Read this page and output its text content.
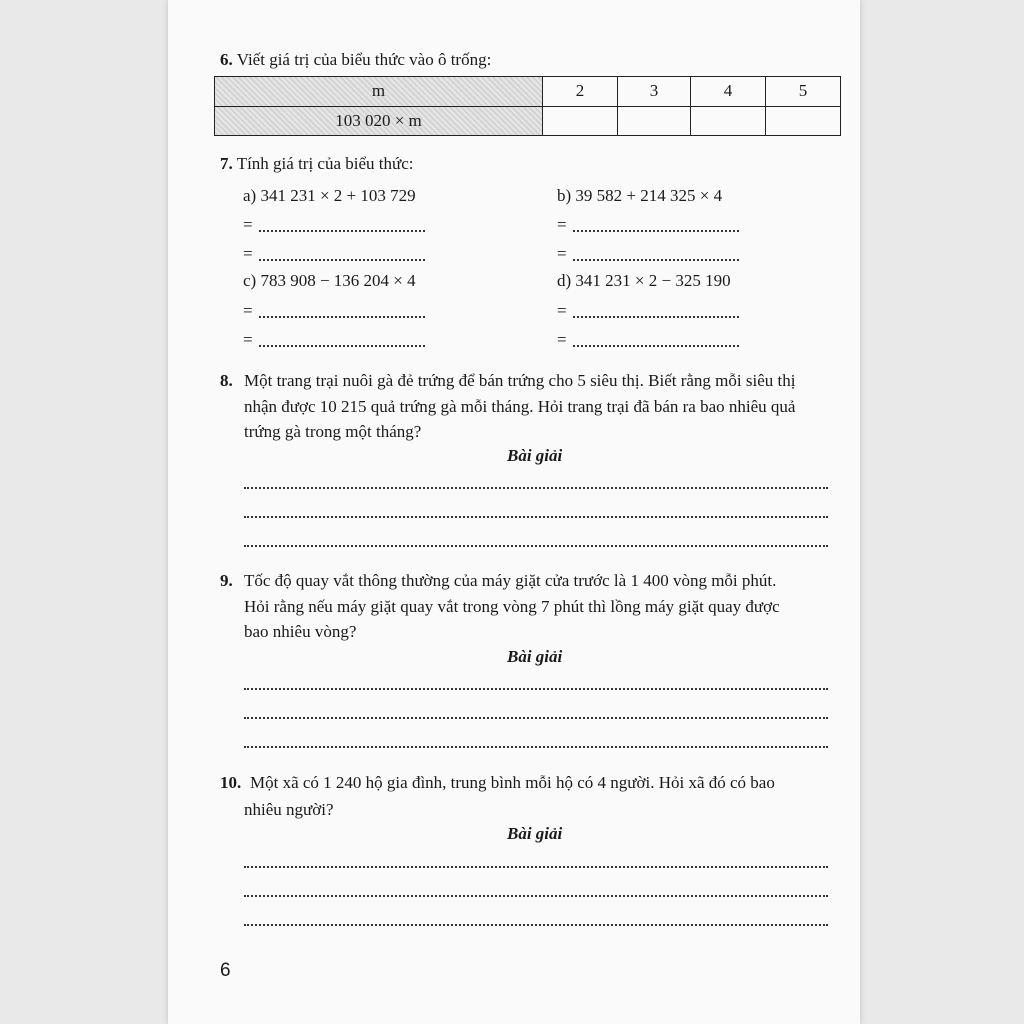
6. Viết giá trị của biểu thức vào ô trống:
m	2	3	4	5
103 020 × m				
7. Tính giá trị của biểu thức:
a) 341 231 × 2 + 103 729	b) 39 582 + 214 325 × 4
=	=
=	=
c) 783 908 − 136 204 × 4	d) 341 231 × 2 − 325 190
=	=
=	=
8. Một trang trại nuôi gà đẻ trứng để bán trứng cho 5 siêu thị. Biết rằng mỗi siêu thị
nhận được 10 215 quả trứng gà mỗi tháng. Hỏi trang trại đã bán ra bao nhiêu quả
trứng gà trong một tháng?
Bài giải
9. Tốc độ quay vắt thông thường của máy giặt cửa trước là 1 400 vòng mỗi phút.
Hỏi rằng nếu máy giặt quay vắt trong vòng 7 phút thì lồng máy giặt quay được
bao nhiêu vòng?
Bài giải
10. Một xã có 1 240 hộ gia đình, trung bình mỗi hộ có 4 người. Hỏi xã đó có bao
nhiêu người?
Bài giải
6
